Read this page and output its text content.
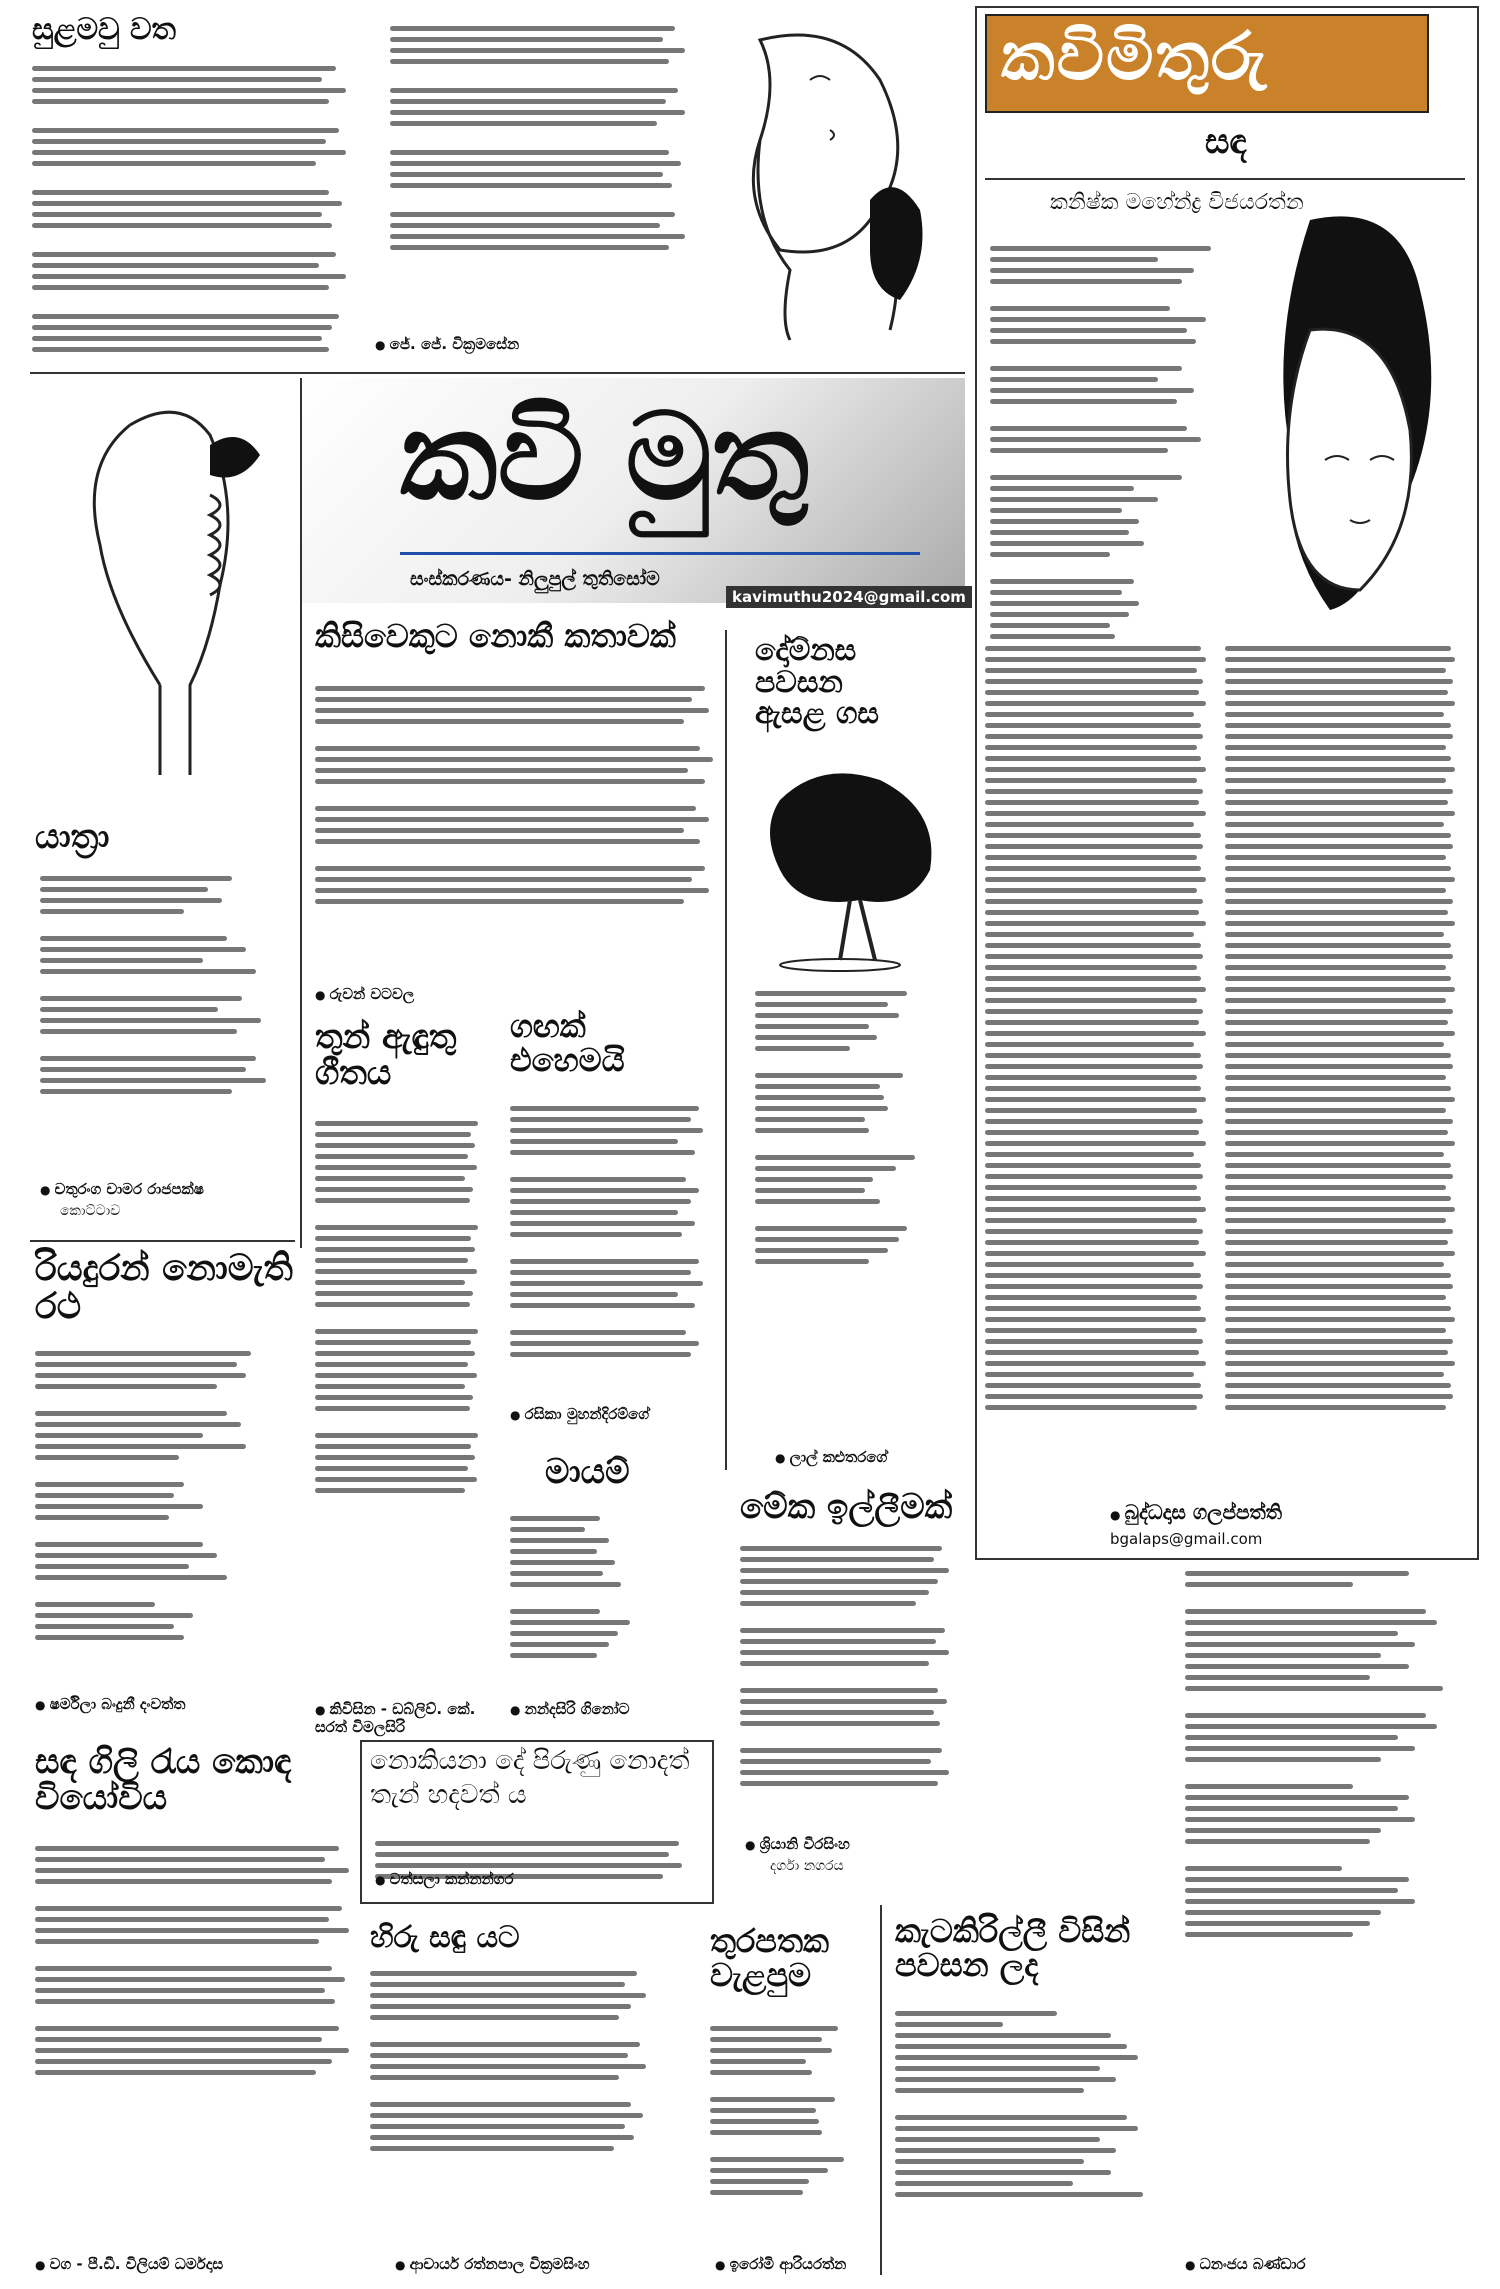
සුළමවු වත
● ජේ. ජේ. වික්‍රමසේන
කවිමිතුරු
සඳ
කනිෂ්ක මහේන්ද්‍ර විජයරත්න
● බුද්ධදාස ගලප්පත්ති
bgalaps@gmail.com
කවි මුතු
සංස්කරණය- නිලුපුල් තුතිසෝම
kavimuthu2024@gmail.com
යාත්‍රා
● චතුරංග චාමර රාජපක්ෂ
කොට්ටාව
රියදුරන් නොමැති රථ
● ෂර්මිලා බංදුනී දංවත්ත
සඳ ගිලි රැය කොඳ වියෝවිය
● වග - පී.ඩී. විලියම් ධර්මදාස
කිසිවෙකුට නොකී කතාවක්
● රුවන් වටවල
දෝම්නස පවසන ඇසළ ගස
● ලාල් කළුතරගේ
තුන් ඇඳුතු ගීතය
● කිවිසින - ඩබ්ලිව්. කේ. සරත් විමලසිරි
ගඟක් එහෙමයි
● රසිකා මුහන්දිරම්ගේ
මායම්
● නන්දසිරි ගිනෝට
මේක ඉල්ලීමක්
● ශ්‍රියානි වීරසිංහ
දර්ගා නගරය
නොකියනා දේ පිරුණු නොදත් තැන් හදවත් ය
● වත්සලා කන්නන්ගර
හිරු සඳු යට
● ආචාර්ය රත්නපාල වික්‍රමසිංහ
තුරපතක වැළපුම
● ඉරෝමි ආරියරත්න
කැටකිරිල්ලී විසින් පවසන ලද
● ධනංජය බණ්ඩාර
